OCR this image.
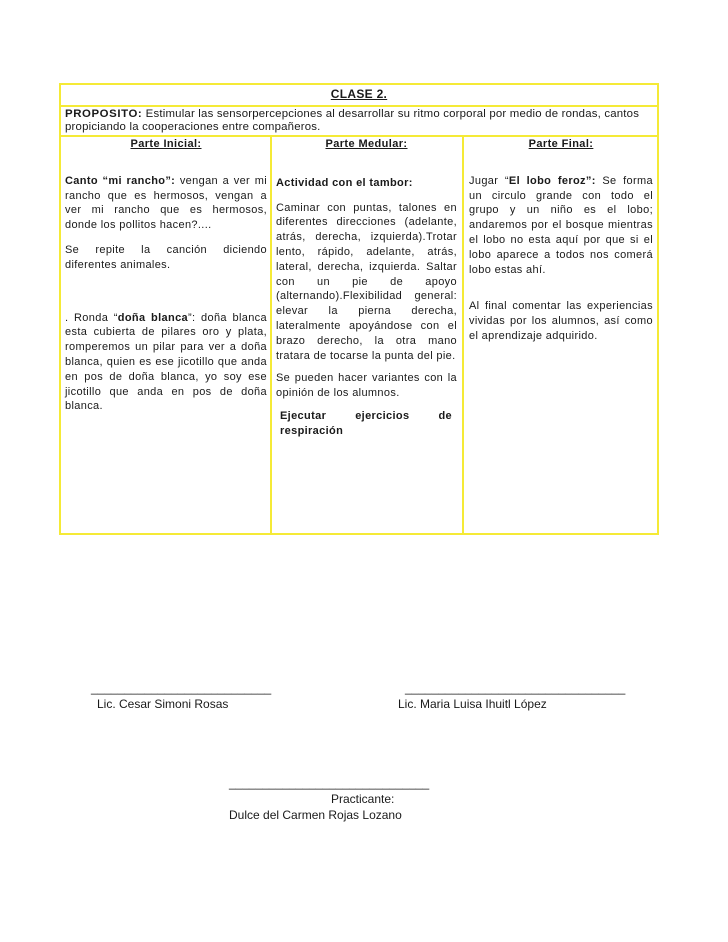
CLASE 2.
PROPOSITO: Estimular las sensorpercepciones al desarrollar su ritmo corporal por medio de rondas, cantos propiciando la cooperaciones entre compañeros.
Parte Inicial:

Canto “mi rancho”: vengan a ver mi rancho que es hermosos, vengan a ver mi rancho que es hermosos, donde los pollitos hacen?....

Se repite la canción diciendo diferentes animales.

. Ronda “doña blanca”: doña blanca esta cubierta de pilares oro y plata, romperemos un pilar para ver a doña blanca, quien es ese jicotillo que anda en pos de doña blanca, yo soy ese jicotillo que anda en pos de doña blanca.

Parte Medular:

Actividad con el tambor:

Caminar con puntas, talones en diferentes direcciones (adelante, atrás, derecha, izquierda).Trotar lento, rápido, adelante, atrás, lateral, derecha, izquierda. Saltar con un pie de apoyo (alternando).Flexibilidad general: elevar la pierna derecha, lateralmente apoyándose con el brazo derecho, la otra mano tratara de tocarse la punta del pie.

Se pueden hacer variantes con la opinión de los alumnos.

Ejecutar ejercicios de respiración

Parte Final:

Jugar “El lobo feroz”: Se forma un circulo grande con todo el grupo y un niño es el lobo; andaremos por el bosque mientras el lobo no esta aquí por que si el lobo aparece a todos nos comerá lobo estas ahí.

Al final comentar las experiencias vividas por los alumnos, así como el aprendizaje adquirido.

___________________________
Lic. Cesar Simoni Rosas
_________________________________
Lic. Maria Luisa Ihuitl López
______________________________
Practicante:
Dulce del Carmen Rojas Lozano
